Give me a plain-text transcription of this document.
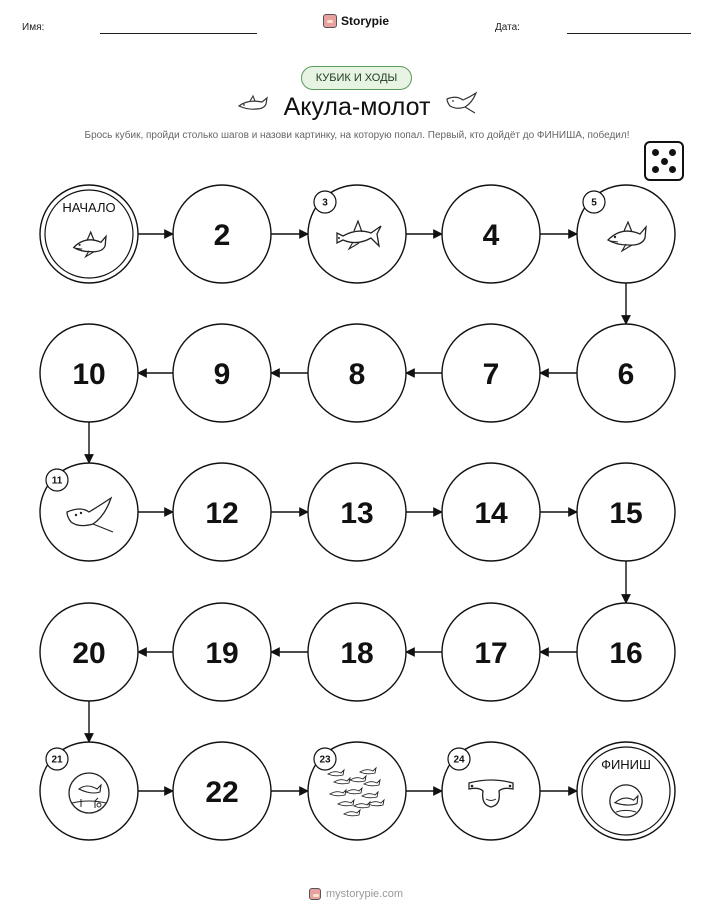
Имя:	Storypie	Дата:
КУБИК И ХОДЫ
Акула-молот
Брось кубик, пройди столько шагов и назови картинку, на которую попал. Первый, кто дойдёт до ФИНИША, победил!
НАЧАЛО
2
3
4
5
6
7
8
9
10
11
12	13	14	15
16
17
18
19
20
21
22
23	24	ФИНИШ
mystorypie.com
